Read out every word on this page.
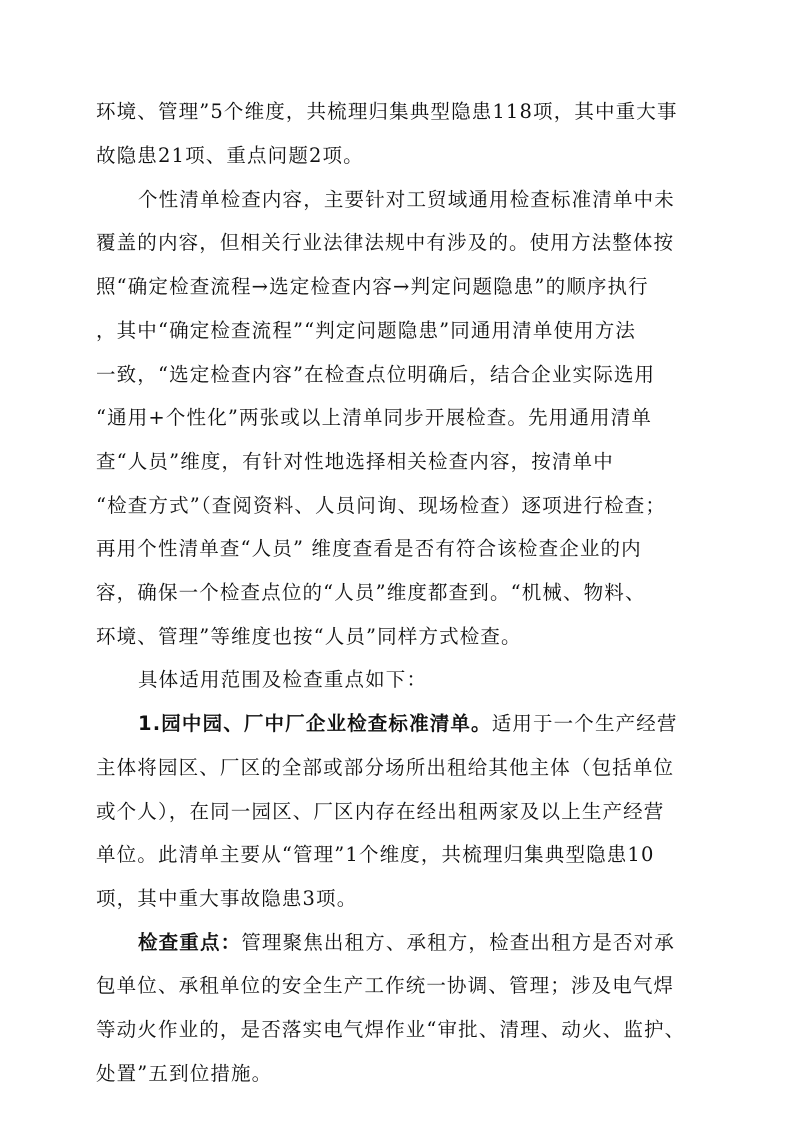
环境、管理”5个维度，共梳理归集典型隐患118项，其中重大事
故隐患21项、重点问题2项。
个性清单检查内容，主要针对工贸域通用检查标准清单中未
覆盖的内容，但相关行业法律法规中有涉及的。使用方法整体按
照“确定检查流程→选定检查内容→判定问题隐患”的顺序执行
，其中“确定检查流程”“判定问题隐患”同通用清单使用方法
一致，“选定检查内容”在检查点位明确后，结合企业实际选用
“通用+个性化”两张或以上清单同步开展检查。先用通用清单
查“人员”维度，有针对性地选择相关检查内容，按清单中
“检查方式”（查阅资料、人员问询、现场检查）逐项进行检查；
再用个性清单查“人员” 维度查看是否有符合该检查企业的内
容，确保一个检查点位的“人员”维度都查到。“机械、物料、
环境、管理”等维度也按“人员”同样方式检查。
具体适用范围及检查重点如下：
1.园中园、厂中厂企业检查标准清单。适用于一个生产经营
主体将园区、厂区的全部或部分场所出租给其他主体（包括单位
或个人），在同一园区、厂区内存在经出租两家及以上生产经营
单位。此清单主要从“管理”1个维度，共梳理归集典型隐患10
项，其中重大事故隐患3项。
检查重点：管理聚焦出租方、承租方，检查出租方是否对承
包单位、承租单位的安全生产工作统一协调、管理；涉及电气焊
等动火作业的，是否落实电气焊作业“审批、清理、动火、监护、
处置”五到位措施。
